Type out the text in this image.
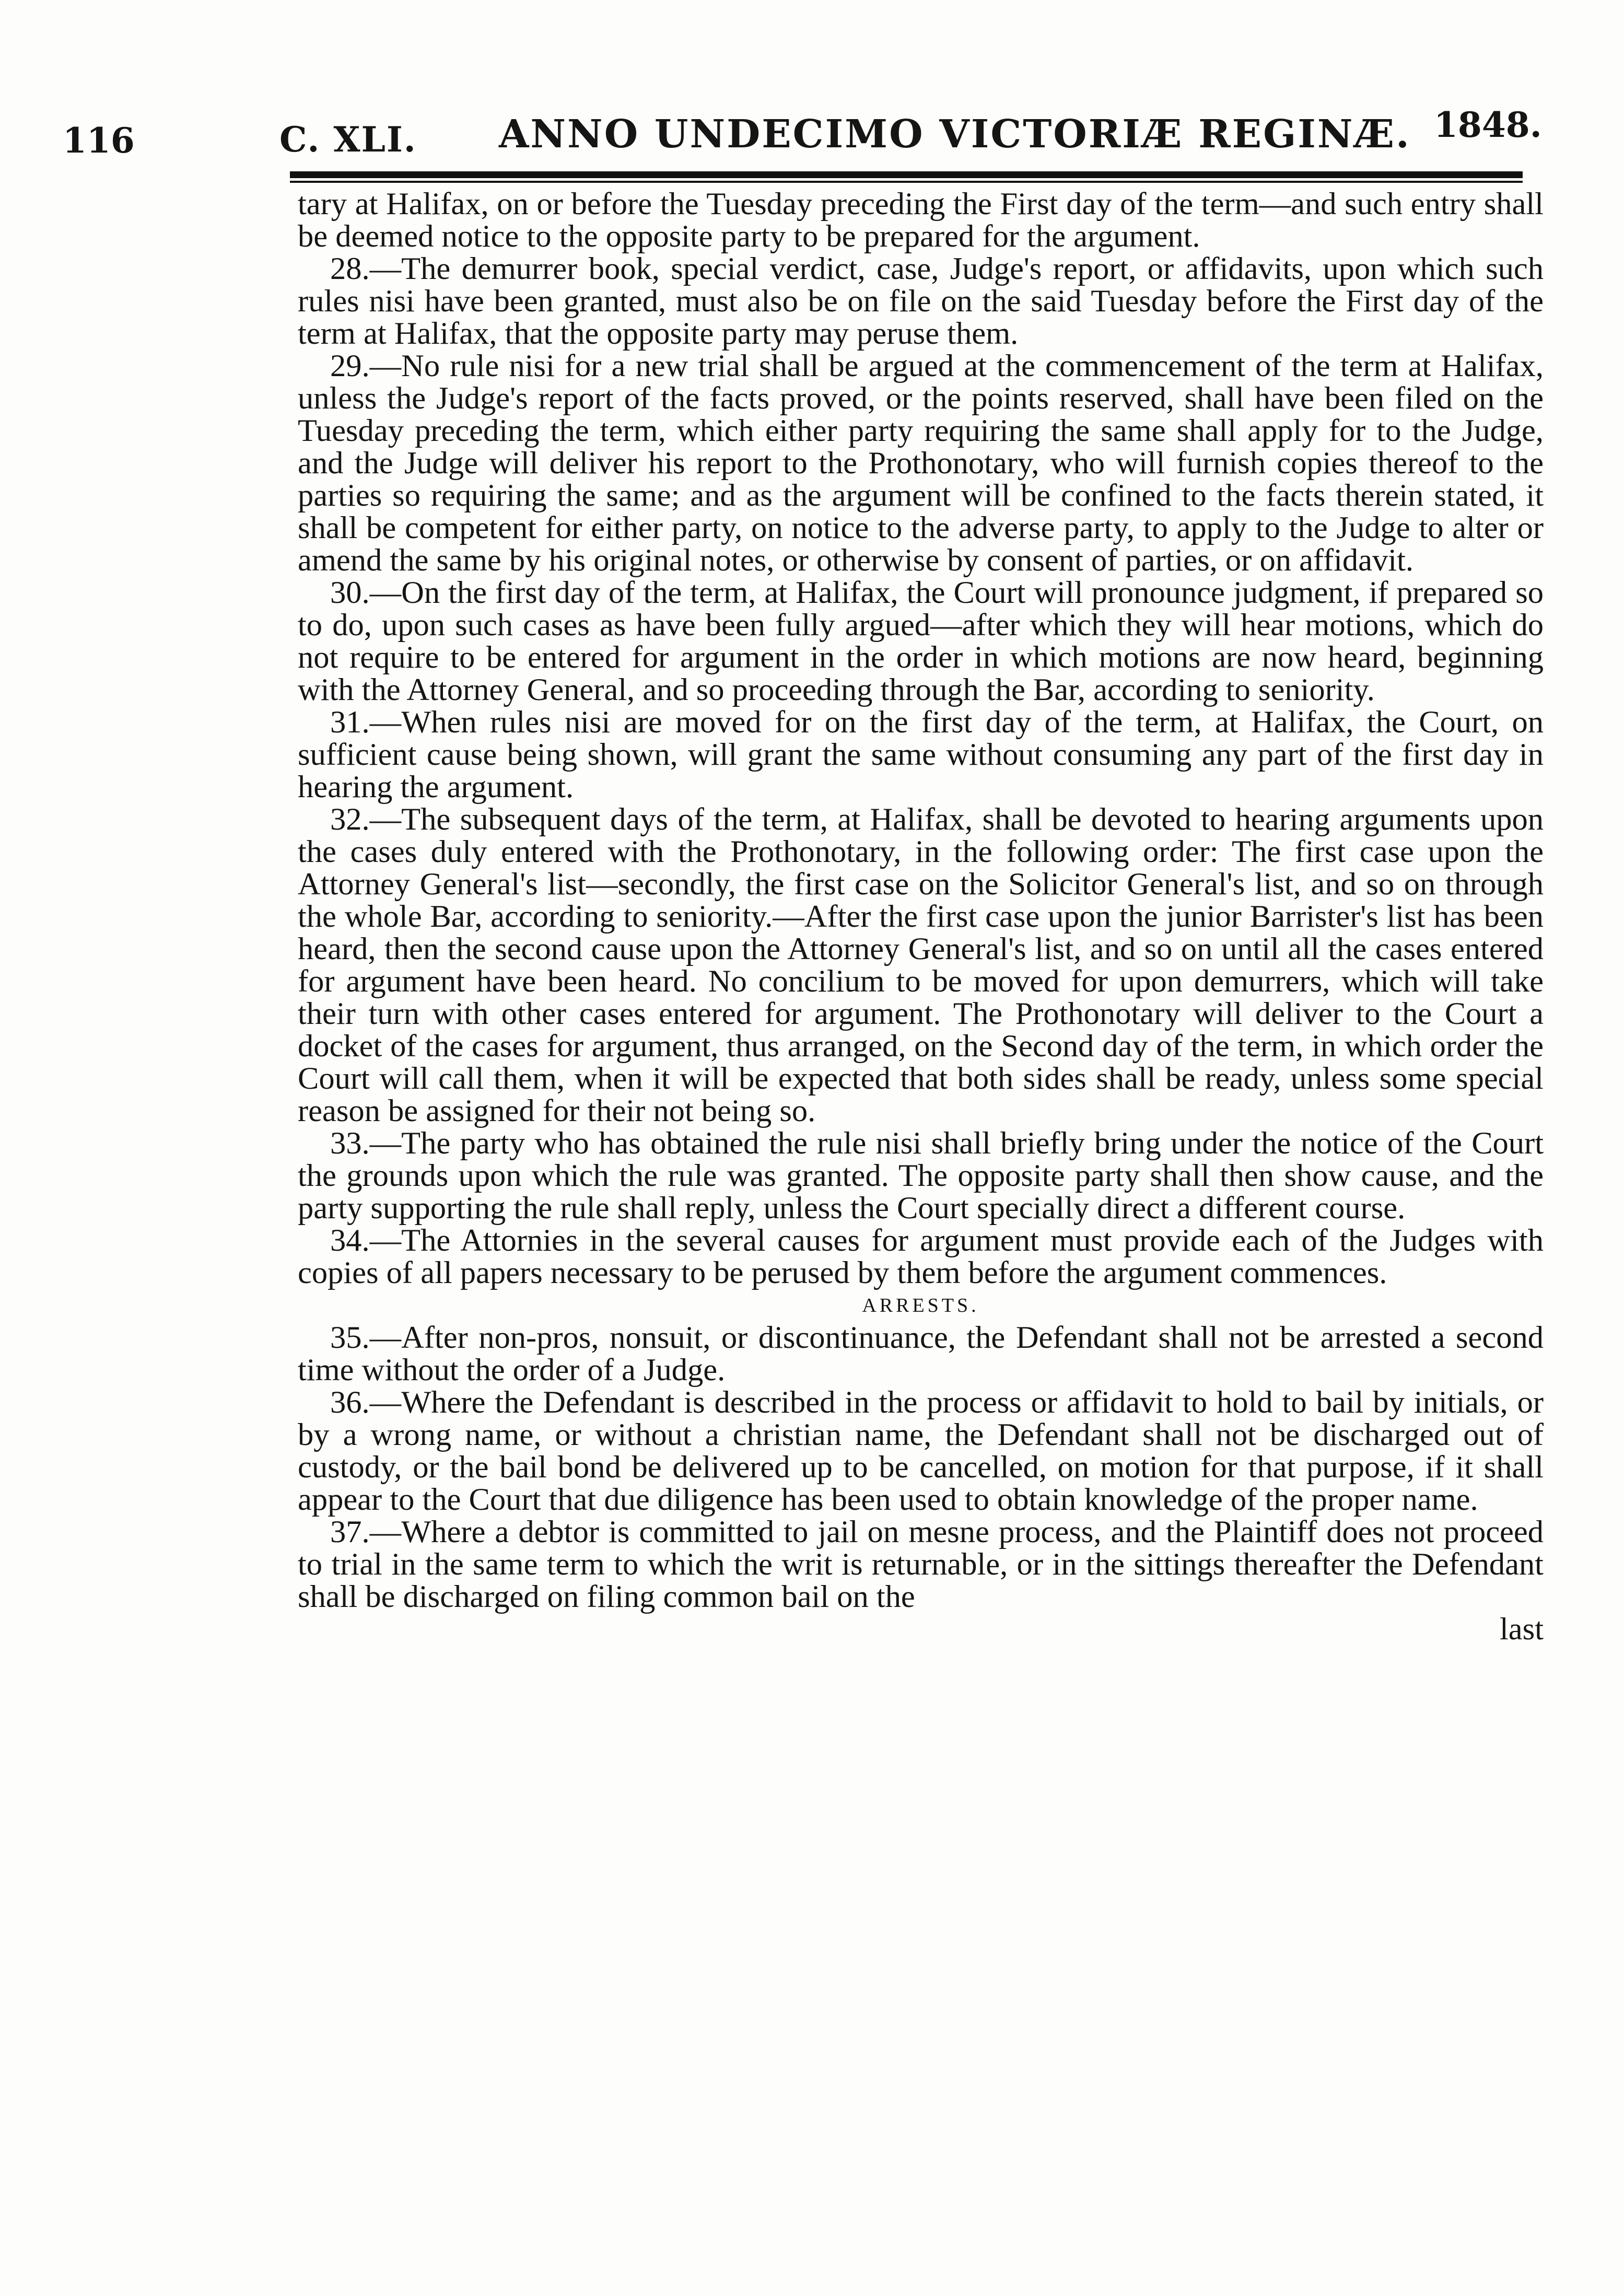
116	C. XLI. ANNO UNDECIMO VICTORIÆ REGINÆ. 1848.

tary at Halifax, on or before the Tuesday preceding the First day of the term—and such entry shall be deemed notice to the opposite party to be prepared for the argument.

28.—The demurrer book, special verdict, case, Judge's report, or affidavits, upon which such rules nisi have been granted, must also be on file on the said Tuesday before the First day of the term at Halifax, that the opposite party may peruse them.

29.—No rule nisi for a new trial shall be argued at the commencement of the term at Halifax, unless the Judge's report of the facts proved, or the points reserved, shall have been filed on the Tuesday preceding the term, which either party requiring the same shall apply for to the Judge, and the Judge will deliver his report to the Prothonotary, who will furnish copies thereof to the parties so requiring the same; and as the argument will be confined to the facts therein stated, it shall be competent for either party, on notice to the adverse party, to apply to the Judge to alter or amend the same by his original notes, or otherwise by consent of parties, or on affidavit.

30.—On the first day of the term, at Halifax, the Court will pronounce judgment, if prepared so to do, upon such cases as have been fully argued—after which they will hear motions, which do not require to be entered for argument in the order in which motions are now heard, beginning with the Attorney General, and so proceeding through the Bar, according to seniority.

31.—When rules nisi are moved for on the first day of the term, at Halifax, the Court, on sufficient cause being shown, will grant the same without consuming any part of the first day in hearing the argument.

32.—The subsequent days of the term, at Halifax, shall be devoted to hearing arguments upon the cases duly entered with the Prothonotary, in the following order: The first case upon the Attorney General's list—secondly, the first case on the Solicitor General's list, and so on through the whole Bar, according to seniority.—After the first case upon the junior Barrister's list has been heard, then the second cause upon the Attorney General's list, and so on until all the cases entered for argument have been heard. No concilium to be moved for upon demurrers, which will take their turn with other cases entered for argument. The Prothonotary will deliver to the Court a docket of the cases for argument, thus arranged, on the Second day of the term, in which order the Court will call them, when it will be expected that both sides shall be ready, unless some special reason be assigned for their not being so.

33.—The party who has obtained the rule nisi shall briefly bring under the notice of the Court the grounds upon which the rule was granted. The opposite party shall then show cause, and the party supporting the rule shall reply, unless the Court specially direct a different course.

34.—The Attornies in the several causes for argument must provide each of the Judges with copies of all papers necessary to be perused by them before the argument commences.

ARRESTS.

35.—After non-pros, nonsuit, or discontinuance, the Defendant shall not be arrested a second time without the order of a Judge.

36.—Where the Defendant is described in the process or affidavit to hold to bail by initials, or by a wrong name, or without a christian name, the Defendant shall not be discharged out of custody, or the bail bond be delivered up to be cancelled, on motion for that purpose, if it shall appear to the Court that due diligence has been used to obtain knowledge of the proper name.

37.—Where a debtor is committed to jail on mesne process, and the Plaintiff does not proceed to trial in the same term to which the writ is returnable, or in the sittings thereafter the Defendant shall be discharged on filing common bail on the

last
